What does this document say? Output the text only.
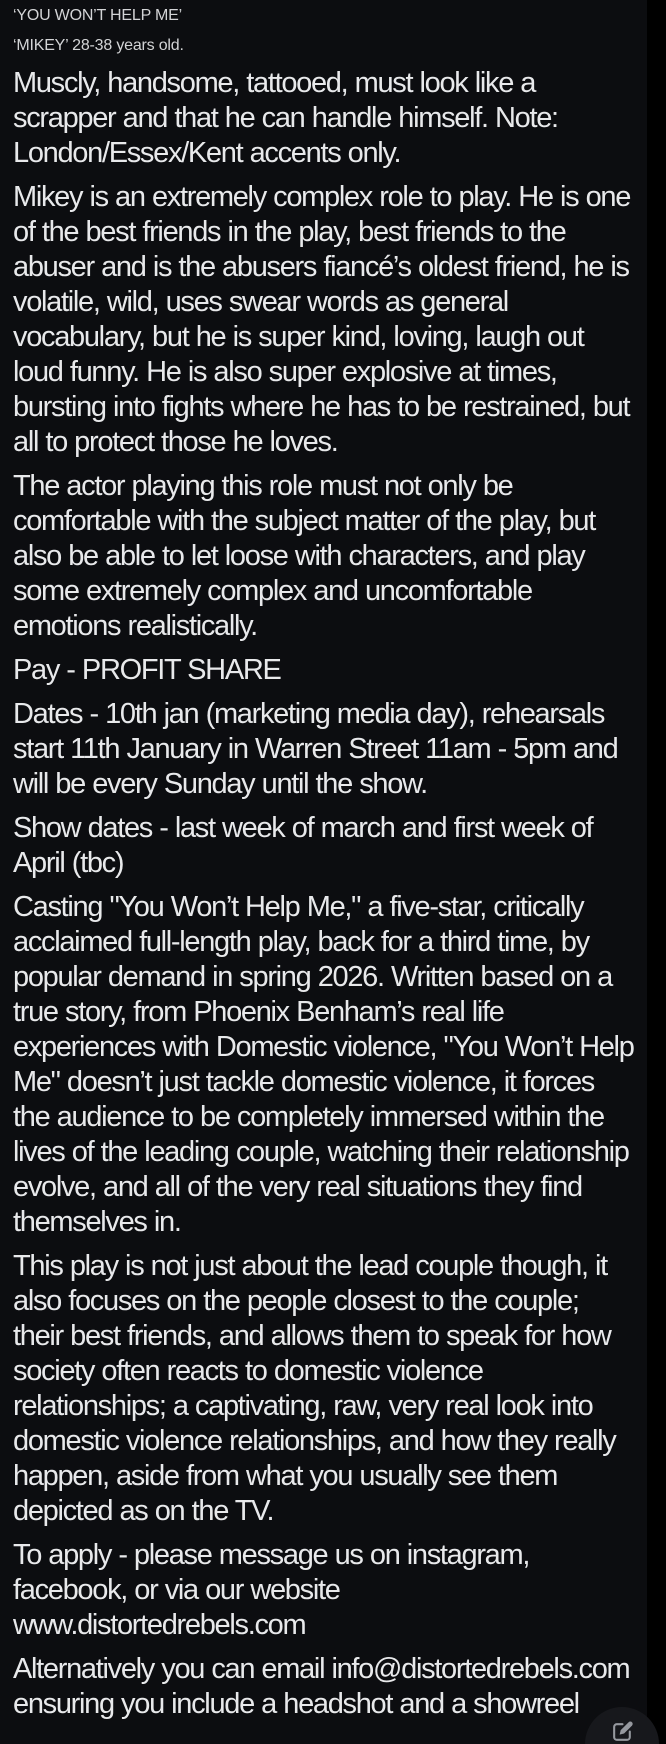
‘YOU WON’T HELP ME’

‘MIKEY’ 28-38 years old.

Muscly, handsome, tattooed, must look like a scrapper and that he can handle himself. Note: London/Essex/Kent accents only.

Mikey is an extremely complex role to play. He is one of the best friends in the play, best friends to the abuser and is the abusers fiancé’s oldest friend, he is volatile, wild, uses swear words as general vocabulary, but he is super kind, loving, laugh out loud funny. He is also super explosive at times, bursting into fights where he has to be restrained, but all to protect those he loves.

The actor playing this role must not only be comfortable with the subject matter of the play, but also be able to let loose with characters, and play some extremely complex and uncomfortable emotions realistically.

Pay - PROFIT SHARE

Dates - 10th jan (marketing media day), rehearsals start 11th January in Warren Street 11am - 5pm and will be every Sunday until the show.

Show dates - last week of march and first week of April (tbc)

Casting "You Won’t Help Me," a five-star, critically acclaimed full-length play, back for a third time, by popular demand in spring 2026. Written based on a true story, from Phoenix Benham’s real life experiences with Domestic violence, "You Won’t Help Me" doesn’t just tackle domestic violence, it forces the audience to be completely immersed within the lives of the leading couple, watching their relationship evolve, and all of the very real situations they find themselves in.

This play is not just about the lead couple though, it also focuses on the people closest to the couple; their best friends, and allows them to speak for how society often reacts to domestic violence relationships; a captivating, raw, very real look into domestic violence relationships, and how they really happen, aside from what you usually see them depicted as on the TV.

To apply - please message us on instagram, facebook, or via our website www.distortedrebels.com

Alternatively you can email info@distortedrebels.com ensuring you include a headshot and a showreel
